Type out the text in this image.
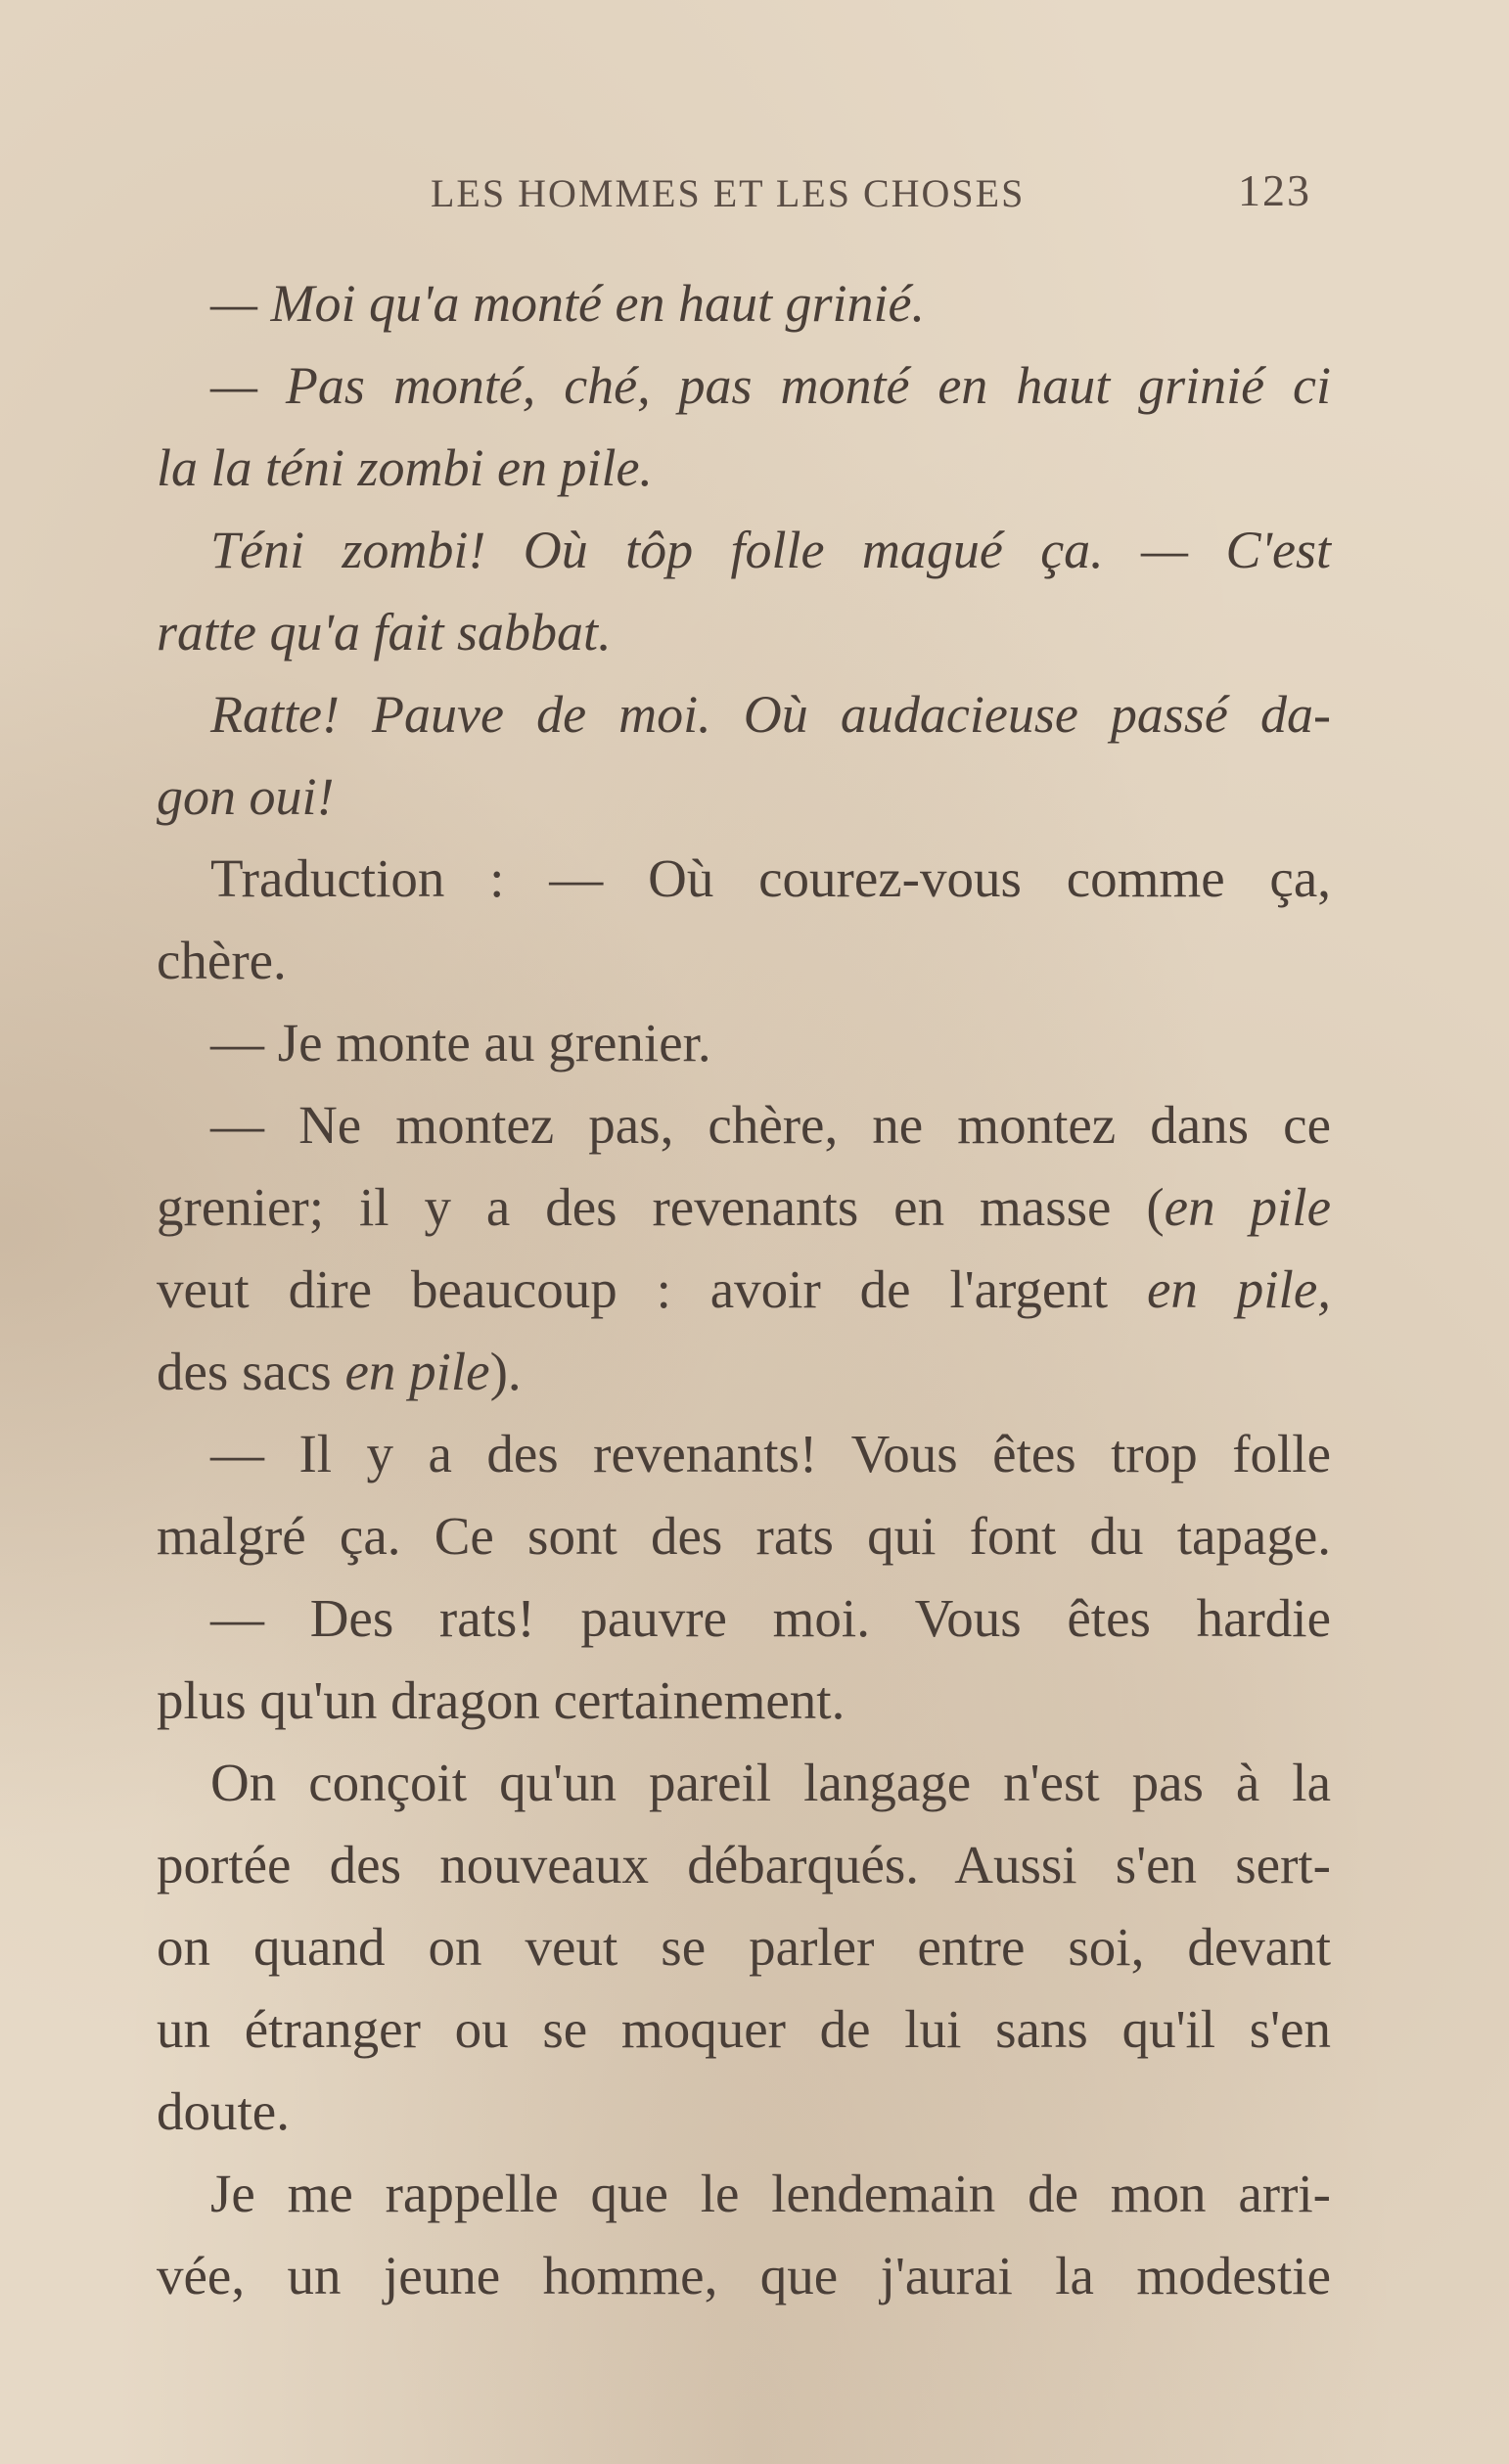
LES HOMMES ET LES CHOSES	123
— Moi qu'a monté en haut grinié.
— Pas monté, ché, pas monté en haut grinié ci
la la téni zombi en pile.
Téni zombi! Où tôp folle magué ça. — C'est
ratte qu'a fait sabbat.
Ratte! Pauve de moi. Où audacieuse passé da-
gon oui!
Traduction : — Où courez-vous comme ça,
chère.
— Je monte au grenier.
— Ne montez pas, chère, ne montez dans ce
grenier; il y a des revenants en masse (en pile
veut dire beaucoup : avoir de l'argent en pile,
des sacs en pile).
— Il y a des revenants! Vous êtes trop folle
malgré ça. Ce sont des rats qui font du tapage.
— Des rats! pauvre moi. Vous êtes hardie
plus qu'un dragon certainement.
On conçoit qu'un pareil langage n'est pas à la
portée des nouveaux débarqués. Aussi s'en sert-
on quand on veut se parler entre soi, devant
un étranger ou se moquer de lui sans qu'il s'en
doute.
Je me rappelle que le lendemain de mon arri-
vée, un jeune homme, que j'aurai la modestie
